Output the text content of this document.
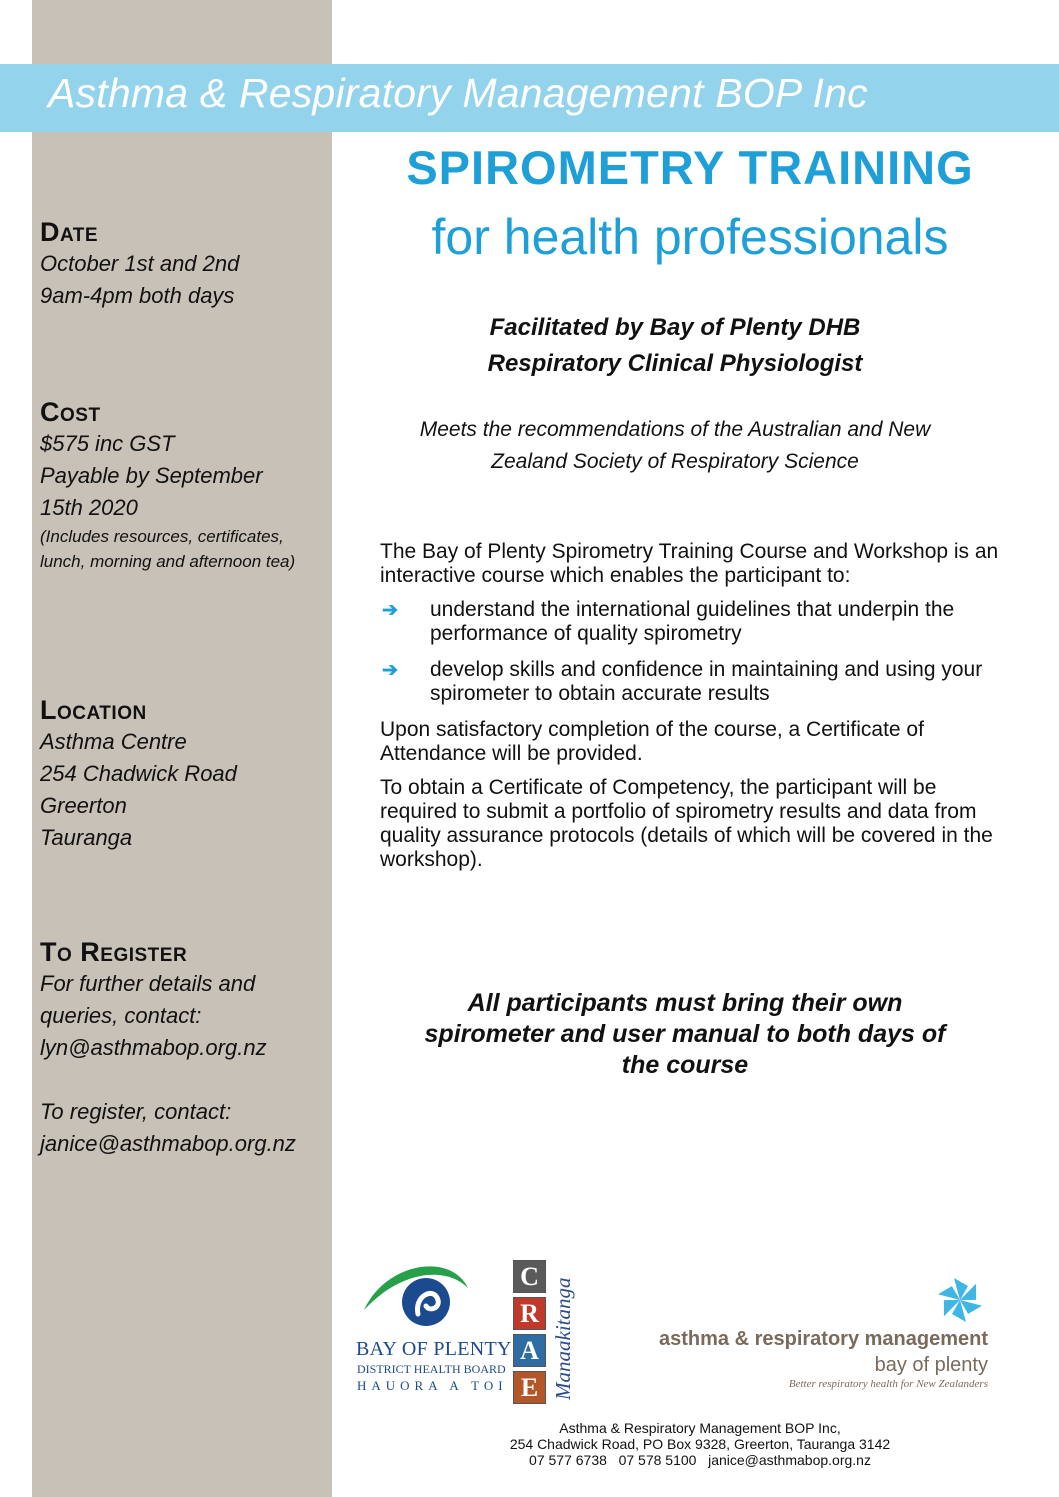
Asthma & Respiratory Management BOP Inc
SPIROMETRY TRAINING
for health professionals
Date
October 1st and 2nd
9am-4pm both days
Cost
$575 inc GST
Payable by September
15th 2020
(Includes resources, certificates, lunch, morning and afternoon tea)
Location
Asthma Centre
254 Chadwick Road
Greerton
Tauranga
To Register
For further details and
queries, contact:
lyn@asthmabop.org.nz
To register, contact:
janice@asthmabop.org.nz
Facilitated by Bay of Plenty DHB
Respiratory Clinical Physiologist
Meets the recommendations of the Australian and New
Zealand Society of Respiratory Science

The Bay of Plenty Spirometry Training Course and Workshop is an interactive course which enables the participant to:

➔ understand the international guidelines that underpin the performance of quality spirometry
➔ develop skills and confidence in maintaining and using your spirometer to obtain accurate results

Upon satisfactory completion of the course, a Certificate of Attendance will be provided.

To obtain a Certificate of Competency, the participant will be required to submit a portfolio of spirometry results and data from quality assurance protocols (details of which will be covered in the workshop).

All participants must bring their own
spirometer and user manual to both days of
the course
BAY OF PLENTY
DISTRICT HEALTH BOARD
HAUORA A TOI
C
R
A
E Manaakitanga	asthma & respiratory management
bay of plenty
Better respiratory health for New Zealanders
Asthma & Respiratory Management BOP Inc,
254 Chadwick Road, PO Box 9328, Greerton, Tauranga 3142
07 577 6738   07 578 5100   janice@asthmabop.org.nz
